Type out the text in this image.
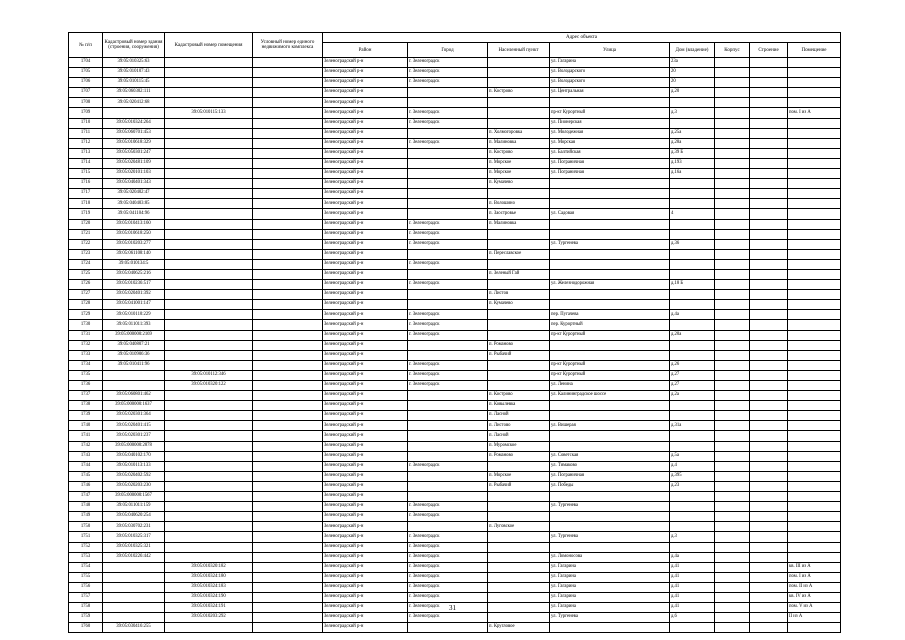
№ п/п	Кадастровый номер здания (строения, сооружения)	Кадастровый номер помещения	Условный номер единого недвижимого комплекса	Адрес объекта							
				Район	Город	Населенный пункт	Улица	Дом (владение)	Корпус	Строение	Помещение
1704	39:05:010325:63			Зеленоградский р-н	г. Зеленоградск		ул. Гагарина	23а			
1705	39:05:010107:43			Зеленоградский р-н	г. Зеленоградск		ул. Володарского	20			
1706	39:05:010115:45			Зеленоградский р-н	г. Зеленоградск		ул. Володарского	20			
1707	39:05:060302:111			Зеленоградский р-н		п. Кострово	ул. Центральная	д.20			
1708	39:05:020412:68			Зеленоградский р-н							
1709		39:05:010115:133		Зеленоградский р-н	г. Зеленоградск		пр-кт Курортный	д.3			пом. I из А
1710	39:05:010324:264			Зеленоградский р-н	г. Зеленоградск		ул. Пионерская				
1711	39:05:060701:453			Зеленоградский р-н		п. Холмогоровка	ул. Молодежная	д.25а			
1712	39:05:010618:329			Зеленоградский р-н	г. Зеленоградск	п. Малиновка	ул. Морская	д.28а			
1713	39:05:050301:247			Зеленоградский р-н		п. Кострово	ул. Балтийская	д.39 Б			
1714	39:05:020481:109			Зеленоградский р-н		п. Морское	ул. Пограничная	д.193			
1715	39:05:020101:103			Зеленоградский р-н		п. Морское	ул. Пограничная	д.16а			
1716	39:05:040401:343			Зеленоградский р-н		п. Кумачево					
1717	39:05:020402:47			Зеленоградский р-н							
1718	39:05:040403:85			Зеленоградский р-н		п. Волошино					
1719	39:05:041104:96			Зеленоградский р-н		п. Заостровье	ул. Садовая	4			
1720	39:05:010413:160			Зеленоградский р-н	г. Зеленоградск	п. Малиновка					
1721	39:05:010618:250			Зеленоградский р-н	г. Зеленоградск						
1722	39:05:010203:277			Зеленоградский р-н	г. Зеленоградск		ул. Тургенева	д.36			
1723	39:05:061108:140			Зеленоградский р-н		п. Переславское					
1724	39:05:010134:5			Зеленоградский р-н	г. Зеленоградск						
1725	39:05:040625:216			Зеленоградский р-н		п. Зеленый Гай					
1726	39:05:010236:517			Зеленоградский р-н	г. Зеленоградск		ул. Железнодорожная	д.18 Б			
1727	39:05:020401:392			Зеленоградский р-н		п. Листов					
1728	39:05:041001:147			Зеленоградский р-н		п. Кумачево					
1729	39:05:010110:229			Зеленоградский р-н	г. Зеленоградск		пер. Пугачева	д.4а			
1730	39:05:011011:393			Зеленоградский р-н	г. Зеленоградск		пер. Курортный				
1731	39:05:000000:2169			Зеленоградский р-н	г. Зеленоградск		пр-кт Курортный	д.20а			
1732	39:05:040807:21			Зеленоградский р-н		п. Романово					
1733	39:05:010906:36			Зеленоградский р-н		п. Рыбачий					
1734	39:05:010411:96			Зеленоградский р-н	г. Зеленоградск		пр-кт Курортный	д.26			
1735		39:05:010112:346		Зеленоградский р-н	г. Зеленоградск		пр-кт Курортный	д.27			
1736		39:05:010320:122		Зеленоградский р-н	г. Зеленоградск		ул. Ленина	д.27			
1737	39:05:060801:462			Зеленоградский р-н		п. Кострово	ул. Калининградское шоссе	д.2а			
1738	39:05:000000:1637			Зеленоградский р-н		п. Ковылевка					
1739	39:05:020301:364			Зеленоградский р-н		п. Ласной					
1740	39:05:020401:415			Зеленоградский р-н		п. Листово	ул. Вишерая	д.31а			
1741	39:05:020301:237			Зеленоградский р-н		п. Ласной					
1742	39:05:000000:2878			Зеленоградский р-н		п. Муромское					
1743	39:05:040102:170			Зеленоградский р-н		п. Романово	ул. Советская	д.5а			
1744	39:05:010113:133			Зеленоградский р-н	г. Зеленоградск		ул. Тимаково	д.4			
1745	39:05:020402:592			Зеленоградский р-н		п. Морское	ул. Пограничная	д.395			
1746	39:05:020203:230			Зеленоградский р-н		п. Рыбачий	ул. Победы	д.23			
1747	39:05:000000:1567			Зеленоградский р-н							
1748	39:05:011011:159			Зеленоградский р-н	г. Зеленоградск		ул. Тургенева				
1749	39:05:040620:254			Зеленоградский р-н	г. Зеленоградск						
1750	39:05:030702:231			Зеленоградский р-н		п. Луговское					
1751	39:05:010325:317			Зеленоградский р-н	г. Зеленоградск		ул. Тургенева	д.3			
1752	39:05:010325:321			Зеленоградский р-н	г. Зеленоградск						
1753	39:05:010226:442			Зеленоградский р-н	г. Зеленоградск		ул. Ломоносова	д.4а			
1754		39:05:010320:182		Зеленоградский р-н	г. Зеленоградск		ул. Гагарина	д.41			кв. III из А
1755		39:05:010324:180		Зеленоградский р-н	г. Зеленоградск		ул. Гагарина	д.41			пом. I из А
1756		39:05:010324:183		Зеленоградский р-н	г. Зеленоградск		ул. Гагарина	д.41			пом. II из А
1757		39:05:010324:190		Зеленоградский р-н	г. Зеленоградск		ул. Гагарина	д.41			кв. IV из А
1758		39:05:010324:191		Зеленоградский р-н	г. Зеленоградск		ул. Гагарина	д.41			пом. V из А
1759		39:05:010203:292		Зеленоградский р-н	г. Зеленоградск		ул. Тургенева	д.6			II из А
1760	39:05:030416:255			Зеленоградский р-н		п. Кругловое					
31
